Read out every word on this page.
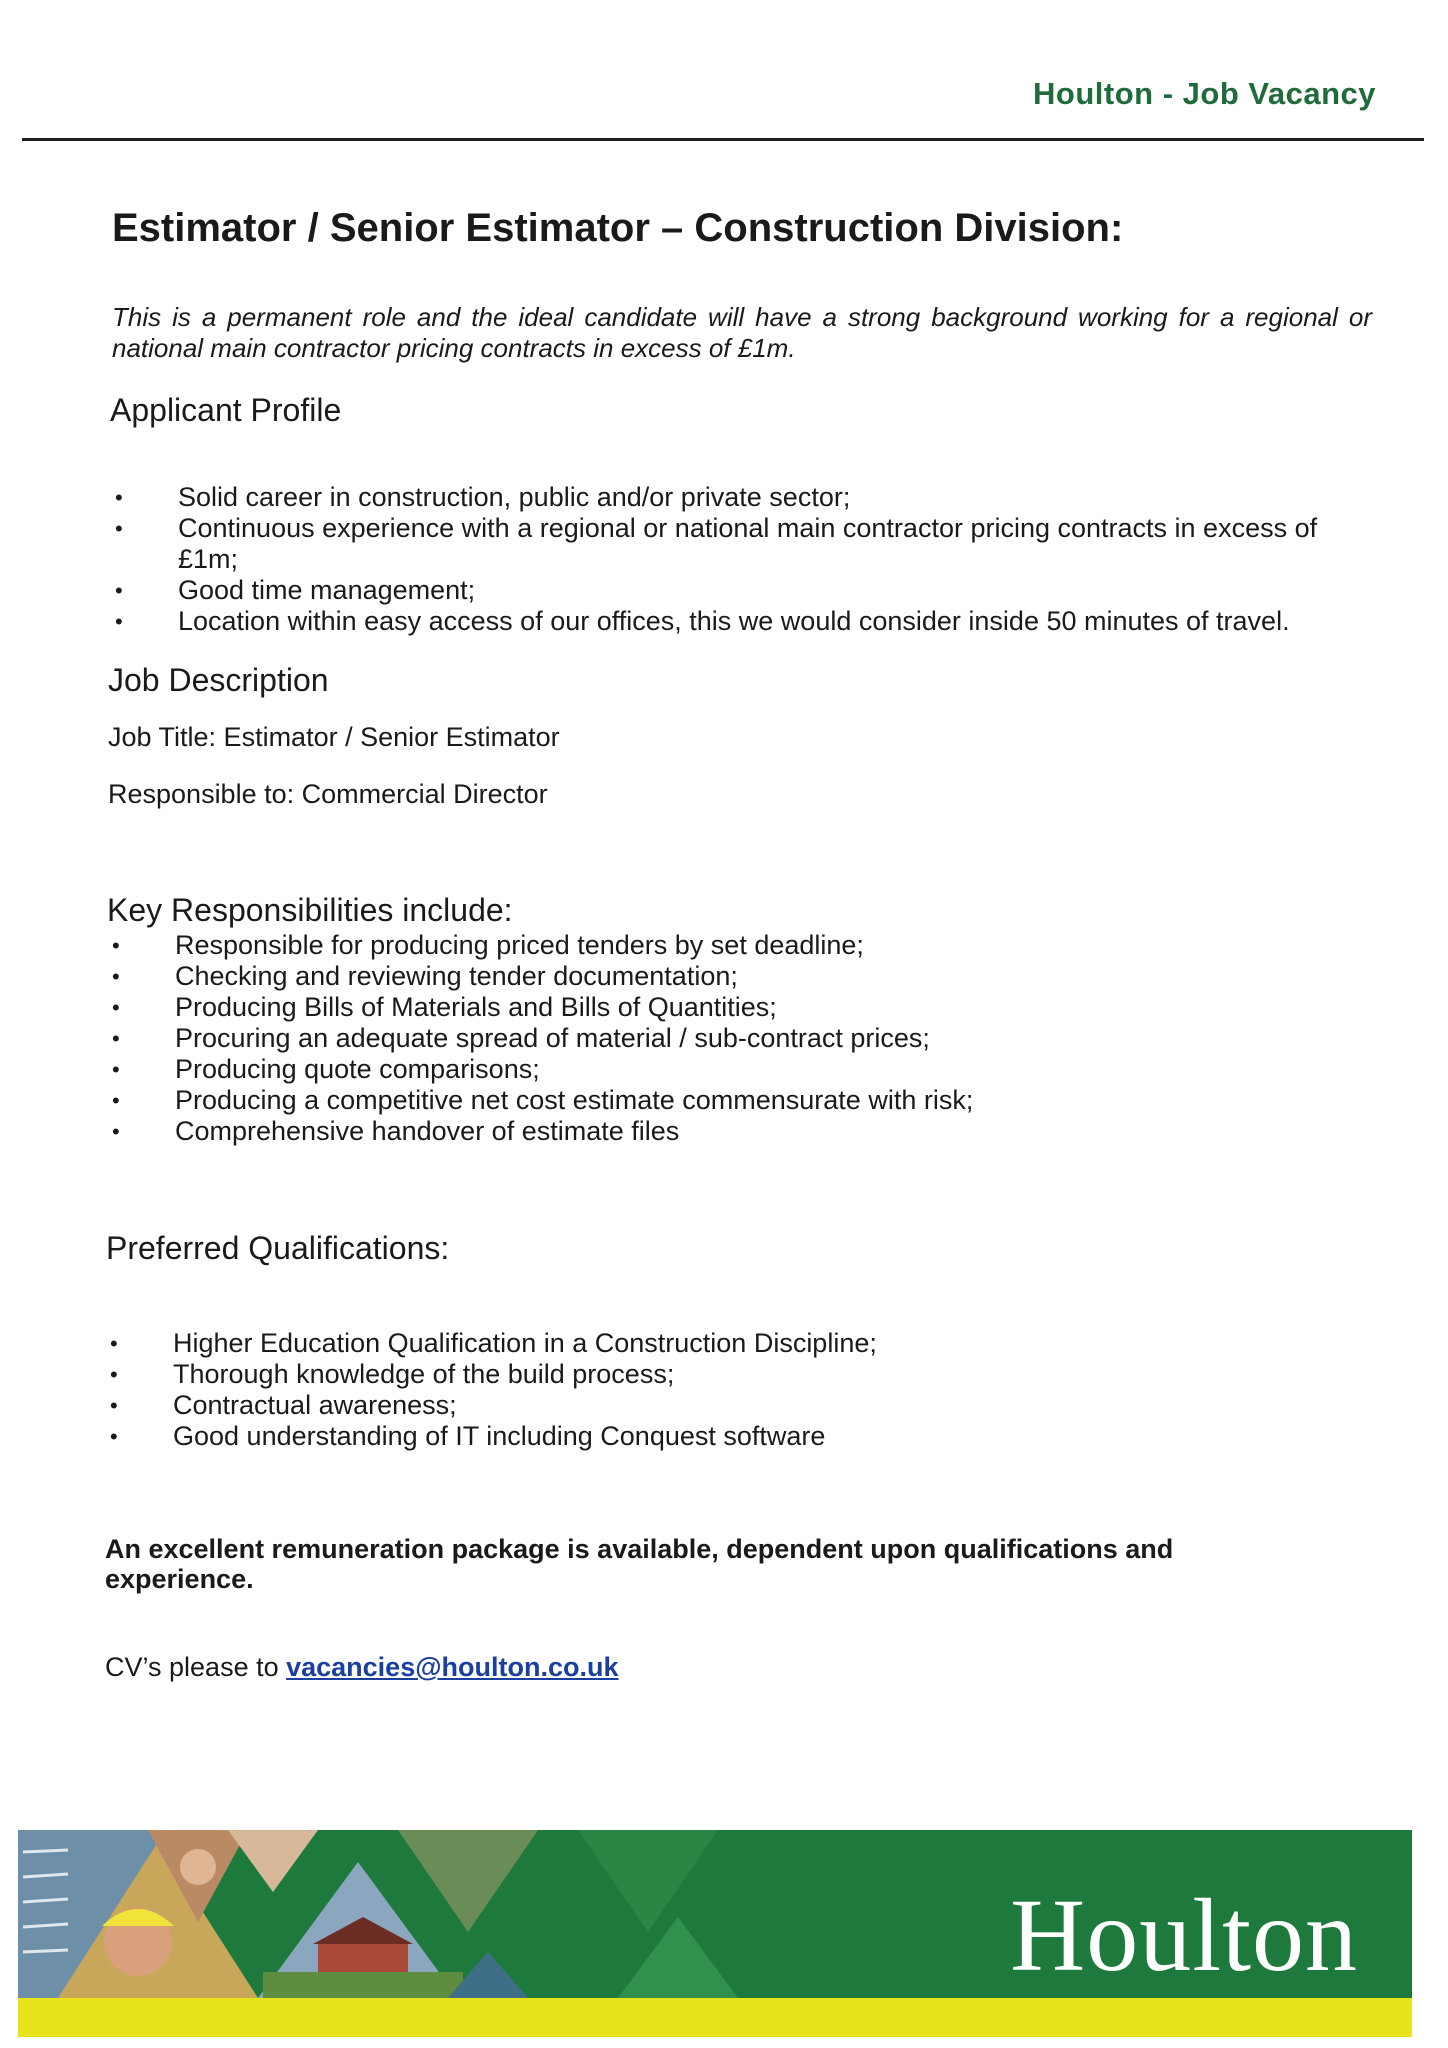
Houlton - Job Vacancy
Estimator / Senior Estimator – Construction Division:
This is a permanent role and the ideal candidate will have a strong background working for a regional or national main contractor pricing contracts in excess of £1m.
Applicant Profile
• Solid career in construction, public and/or private sector;
• Continuous experience with a regional or national main contractor pricing contracts in excess of £1m;
• Good time management;
• Location within easy access of our offices, this we would consider inside 50 minutes of travel.
Job Description
Job Title: Estimator / Senior Estimator
Responsible to: Commercial Director
Key Responsibilities include:
• Responsible for producing priced tenders by set deadline;
• Checking and reviewing tender documentation;
• Producing Bills of Materials and Bills of Quantities;
• Procuring an adequate spread of material / sub-contract prices;
• Producing quote comparisons;
• Producing a competitive net cost estimate commensurate with risk;
• Comprehensive handover of estimate files
Preferred Qualifications:
• Higher Education Qualification in a Construction Discipline;
• Thorough knowledge of the build process;
• Contractual awareness;
• Good understanding of IT including Conquest software
An excellent remuneration package is available, dependent upon qualifications and experience.
CV’s please to vacancies@houlton.co.uk
Houlton
